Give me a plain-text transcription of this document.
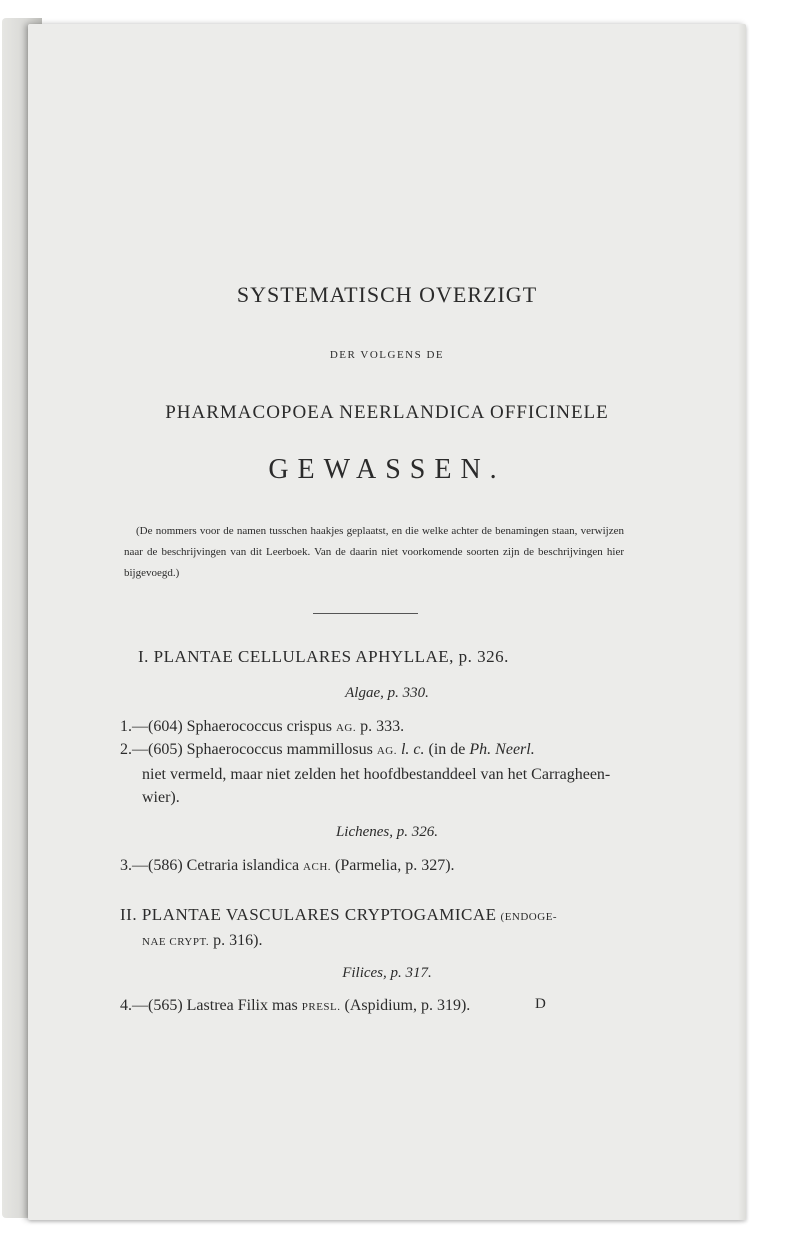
SYSTEMATISCH OVERZIGT
DER VOLGENS DE
PHARMACOPOEA NEERLANDICA OFFICINELE
GEWASSEN.
(De nommers voor de namen tusschen haakjes geplaatst, en die welke achter de benamingen staan, verwijzen naar de beschrijvingen van dit Leerboek. Van de daarin niet voorkomende soorten zijn de beschrijvingen hier bijgevoegd.)
I. PLANTAE CELLULARES APHYLLAE, p. 326.
Algae, p. 330.
1.—(604) Sphaerococcus crispus AG. p. 333.
2.—(605) Sphaerococcus mammillosus AG. l. c. (in de Ph. Neerl.
niet vermeld, maar niet zelden het hoofdbestanddeel van het Carragheen-wier).
Lichenes, p. 326.
3.—(586) Cetraria islandica ACH. (Parmelia, p. 327).
II. PLANTAE VASCULARES CRYPTOGAMICAE (ENDOGE-
NAE CRYPT. p. 316).
Filices, p. 317.
4.—(565) Lastrea Filix mas PRESL. (Aspidium, p. 319).	D
